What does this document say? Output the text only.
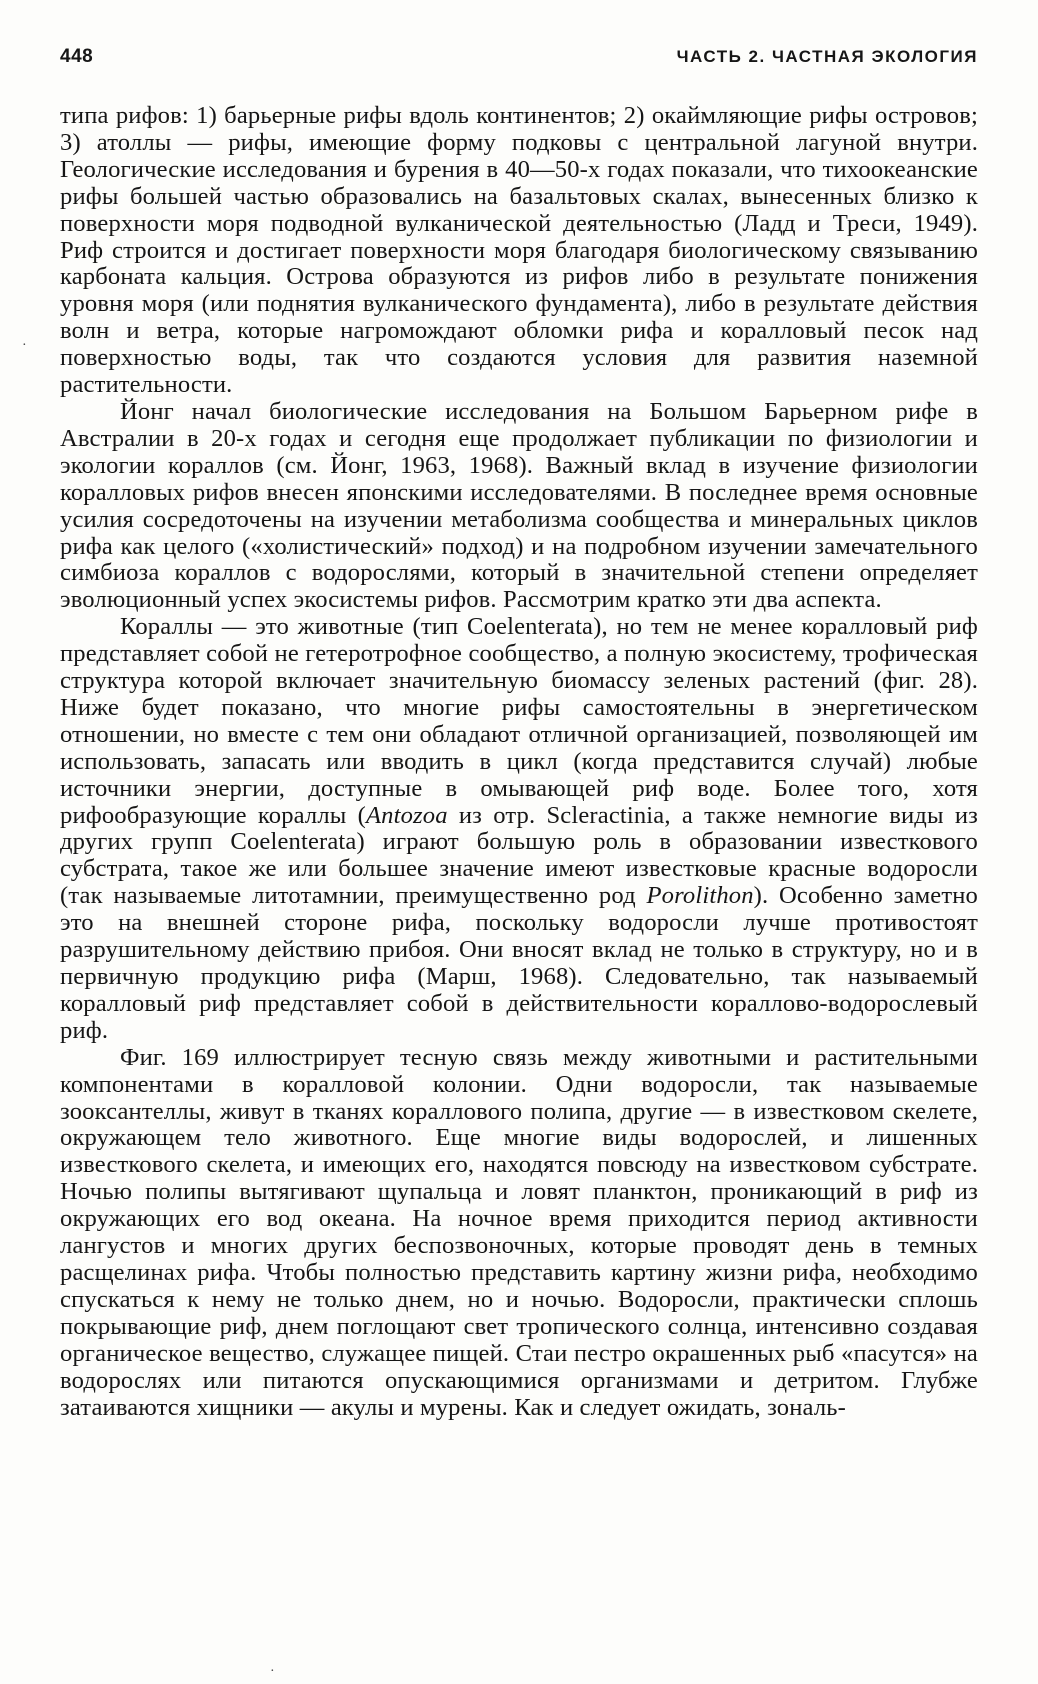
448	ЧАСТЬ 2. ЧАСТНАЯ ЭКОЛОГИЯ

типа рифов: 1) барьерные рифы вдоль континентов; 2) окаймляющие рифы островов; 3) атоллы — рифы, имеющие форму подковы с центральной лагуной внутри. Геологические исследования и бурения в 40—50-х годах показали, что тихоокеанские рифы большей частью образовались на базальтовых скалах, вынесенных близко к поверхности моря подводной вулканической деятельностью (Ладд и Треси, 1949). Риф строится и достигает поверхности моря благодаря биологическому связыванию карбоната кальция. Острова образуются из рифов либо в результате понижения уровня моря (или поднятия вулканического фундамента), либо в результате действия волн и ветра, которые нагромождают обломки рифа и коралловый песок над поверхностью воды, так что создаются условия для развития наземной растительности.

Йонг начал биологические исследования на Большом Барьерном рифе в Австралии в 20-х годах и сегодня еще продолжает публикации по физиологии и экологии кораллов (см. Йонг, 1963, 1968). Важный вклад в изучение физиологии коралловых рифов внесен японскими исследователями. В последнее время основные усилия сосредоточены на изучении метаболизма сообщества и минеральных циклов рифа как целого («холистический» подход) и на подробном изучении замечательного симбиоза кораллов с водорослями, который в значительной степени определяет эволюционный успех экосистемы рифов. Рассмотрим кратко эти два аспекта.

Кораллы — это животные (тип Coelenterata), но тем не менее коралловый риф представляет собой не гетеротрофное сообщество, а полную экосистему, трофическая структура которой включает значительную биомассу зеленых растений (фиг. 28). Ниже будет показано, что многие рифы самостоятельны в энергетическом отношении, но вместе с тем они обладают отличной организацией, позволяющей им использовать, запасать или вводить в цикл (когда представится случай) любые источники энергии, доступные в омывающей риф воде. Более того, хотя рифообразующие кораллы (Antozoa из отр. Scleractinia, а также немногие виды из других групп Coelenterata) играют большую роль в образовании известкового субстрата, такое же или большее значение имеют известковые красные водоросли (так называемые литотамнии, преимущественно род Porolithon). Особенно заметно это на внешней стороне рифа, поскольку водоросли лучше противостоят разрушительному действию прибоя. Они вносят вклад не только в структуру, но и в первичную продукцию рифа (Марш, 1968). Следовательно, так называемый коралловый риф представляет собой в действительности кораллово-водорослевый риф.

Фиг. 169 иллюстрирует тесную связь между животными и растительными компонентами в коралловой колонии. Одни водоросли, так называемые зооксантеллы, живут в тканях кораллового полипа, другие — в известковом скелете, окружающем тело животного. Еще многие виды водорослей, и лишенных известкового скелета, и имеющих его, находятся повсюду на известковом субстрате. Ночью полипы вытягивают щупальца и ловят планктон, проникающий в риф из окружающих его вод океана. На ночное время приходится период активности лангустов и многих других беспозвоночных, которые проводят день в темных расщелинах рифа. Чтобы полностью представить картину жизни рифа, необходимо спускаться к нему не только днем, но и ночью. Водоросли, практически сплошь покрывающие риф, днем поглощают свет тропического солнца, интенсивно создавая органическое вещество, служащее пищей. Стаи пестро окрашенных рыб «пасутся» на водорослях или питаются опускающимися организмами и детритом. Глубже затаиваются хищники — акулы и мурены. Как и следует ожидать, зональ-

·
·
